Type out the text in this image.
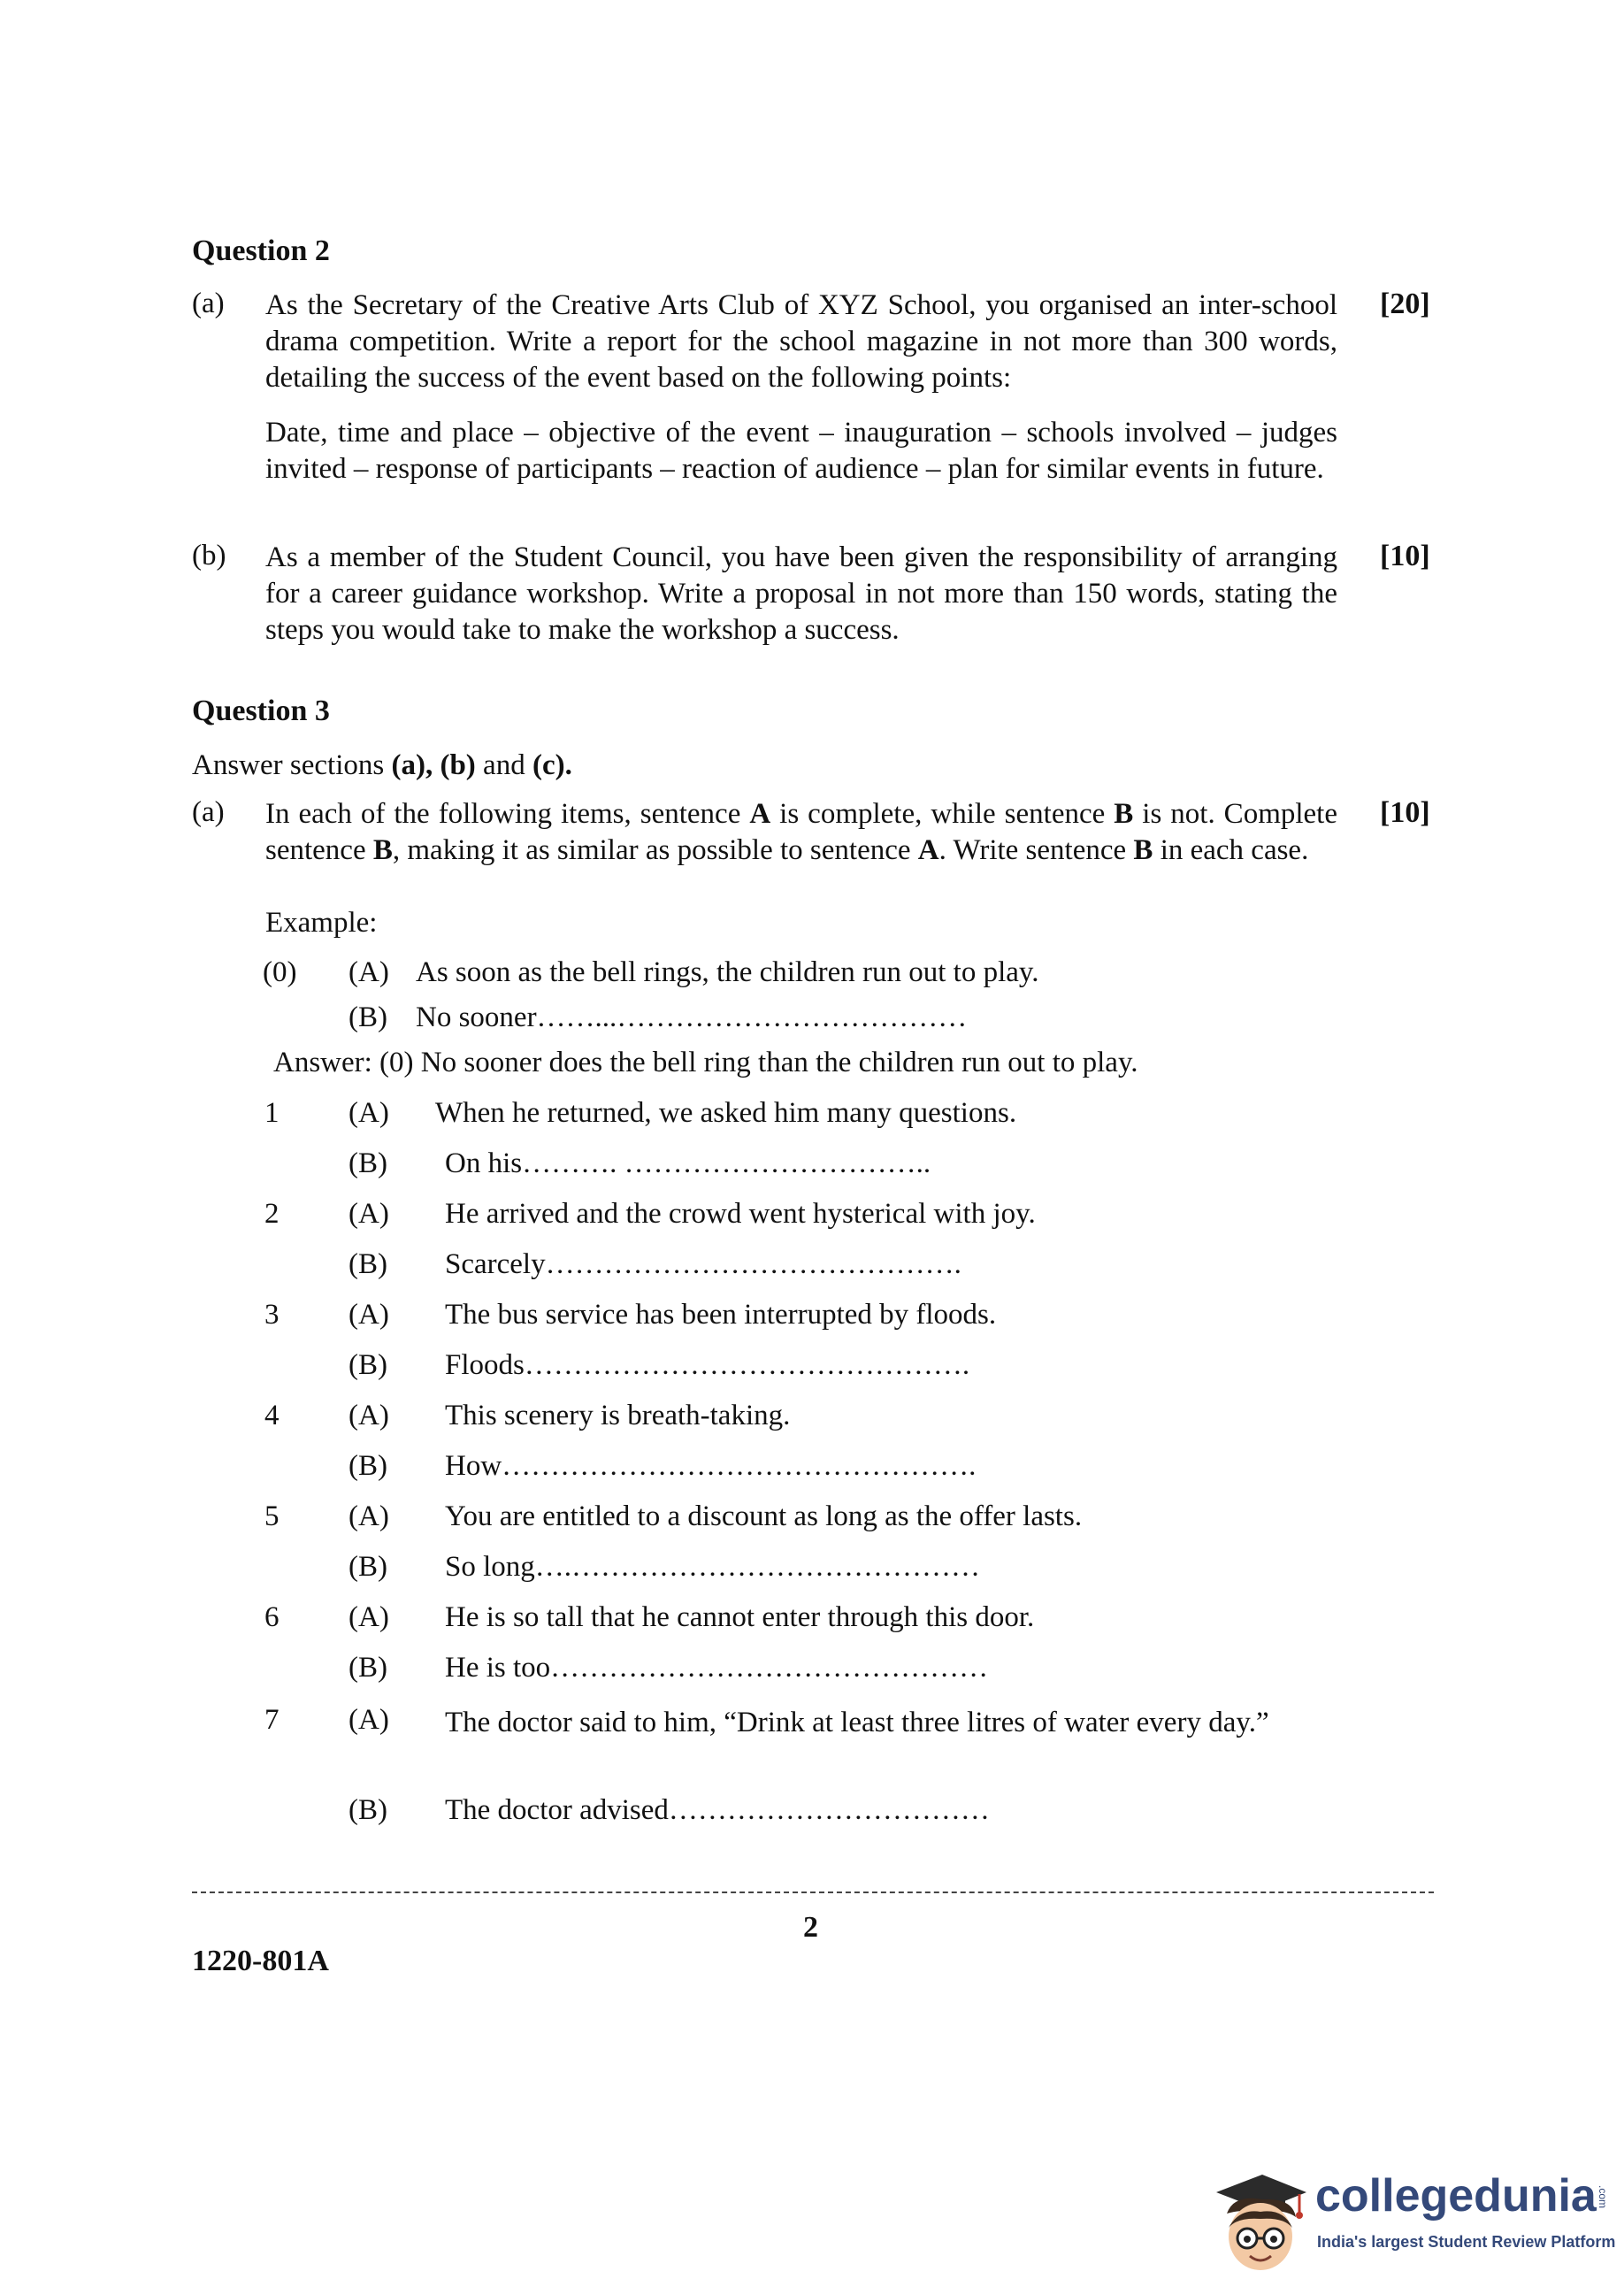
Question 2
(a) As the Secretary of the Creative Arts Club of XYZ School, you organised an inter-school drama competition. Write a report for the school magazine in not more than 300 words, detailing the success of the event based on the following points:
[20]
Date, time and place – objective of the event – inauguration – schools involved – judges invited – response of participants – reaction of audience – plan for similar events in future.
(b) As a member of the Student Council, you have been given the responsibility of arranging for a career guidance workshop. Write a proposal in not more than 150 words, stating the steps you would take to make the workshop a success.
[10]
Question 3
Answer sections (a), (b) and (c).
(a) In each of the following items, sentence A is complete, while sentence B is not. Complete sentence B, making it as similar as possible to sentence A. Write sentence B in each case.
[10]
Example:
(0) (A) As soon as the bell rings, the children run out to play.
(B) No sooner……...………………………………
Answer: (0) No sooner does the bell ring than the children run out to play.
1 (A) When he returned, we asked him many questions.
(B) On his………. …………………………..
2 (A) He arrived and the crowd went hysterical with joy.
(B) Scarcely…………………………………….
3 (A) The bus service has been interrupted by floods.
(B) Floods……………………………………….
4 (A) This scenery is breath-taking.
(B) How………………………………………….
5 (A) You are entitled to a discount as long as the offer lasts.
(B) So long….……………………………………
6 (A) He is so tall that he cannot enter through this door.
(B) He is too………………………………………
7 (A) The doctor said to him, “Drink at least three litres of water every day.”
(B) The doctor advised……………………………
2
1220-801A
collegedunia .com
India's largest Student Review Platform
